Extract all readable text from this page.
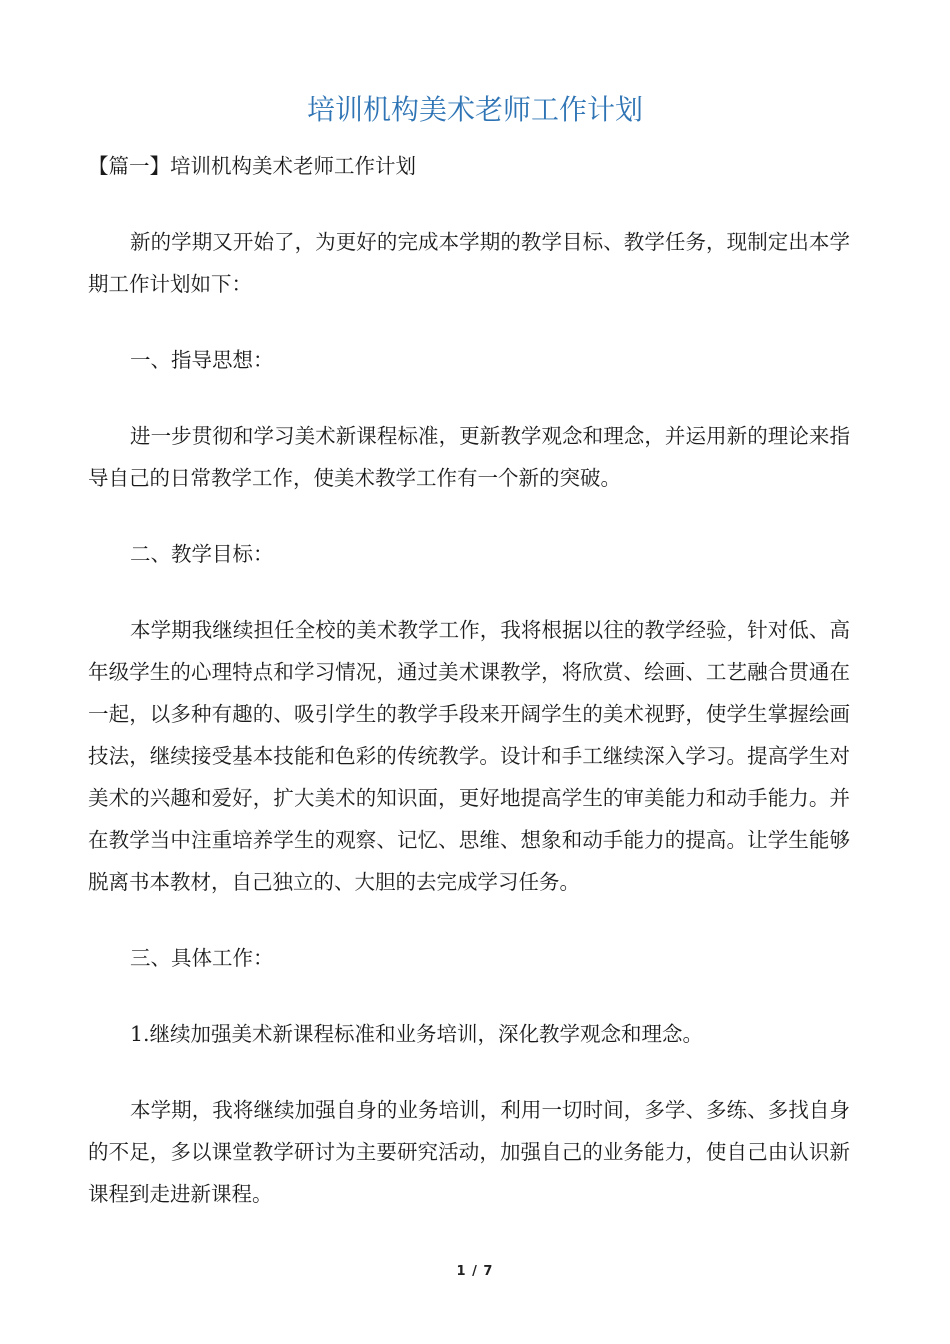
培训机构美术老师工作计划

【篇一】培训机构美术老师工作计划

新的学期又开始了，为更好的完成本学期的教学目标、教学任务，现制定出本学期工作计划如下：

一、指导思想：

进一步贯彻和学习美术新课程标准，更新教学观念和理念，并运用新的理论来指导自己的日常教学工作，使美术教学工作有一个新的突破。

二、教学目标：

本学期我继续担任全校的美术教学工作，我将根据以往的教学经验，针对低、高年级学生的心理特点和学习情况，通过美术课教学，将欣赏、绘画、工艺融合贯通在一起，以多种有趣的、吸引学生的教学手段来开阔学生的美术视野，使学生掌握绘画技法，继续接受基本技能和色彩的传统教学。设计和手工继续深入学习。提高学生对美术的兴趣和爱好，扩大美术的知识面，更好地提高学生的审美能力和动手能力。并在教学当中注重培养学生的观察、记忆、思维、想象和动手能力的提高。让学生能够脱离书本教材，自己独立的、大胆的去完成学习任务。

三、具体工作：

1.继续加强美术新课程标准和业务培训，深化教学观念和理念。

本学期，我将继续加强自身的业务培训，利用一切时间，多学、多练、多找自身的不足，多以课堂教学研讨为主要研究活动，加强自己的业务能力，使自己由认识新课程到走进新课程。

1 / 7
